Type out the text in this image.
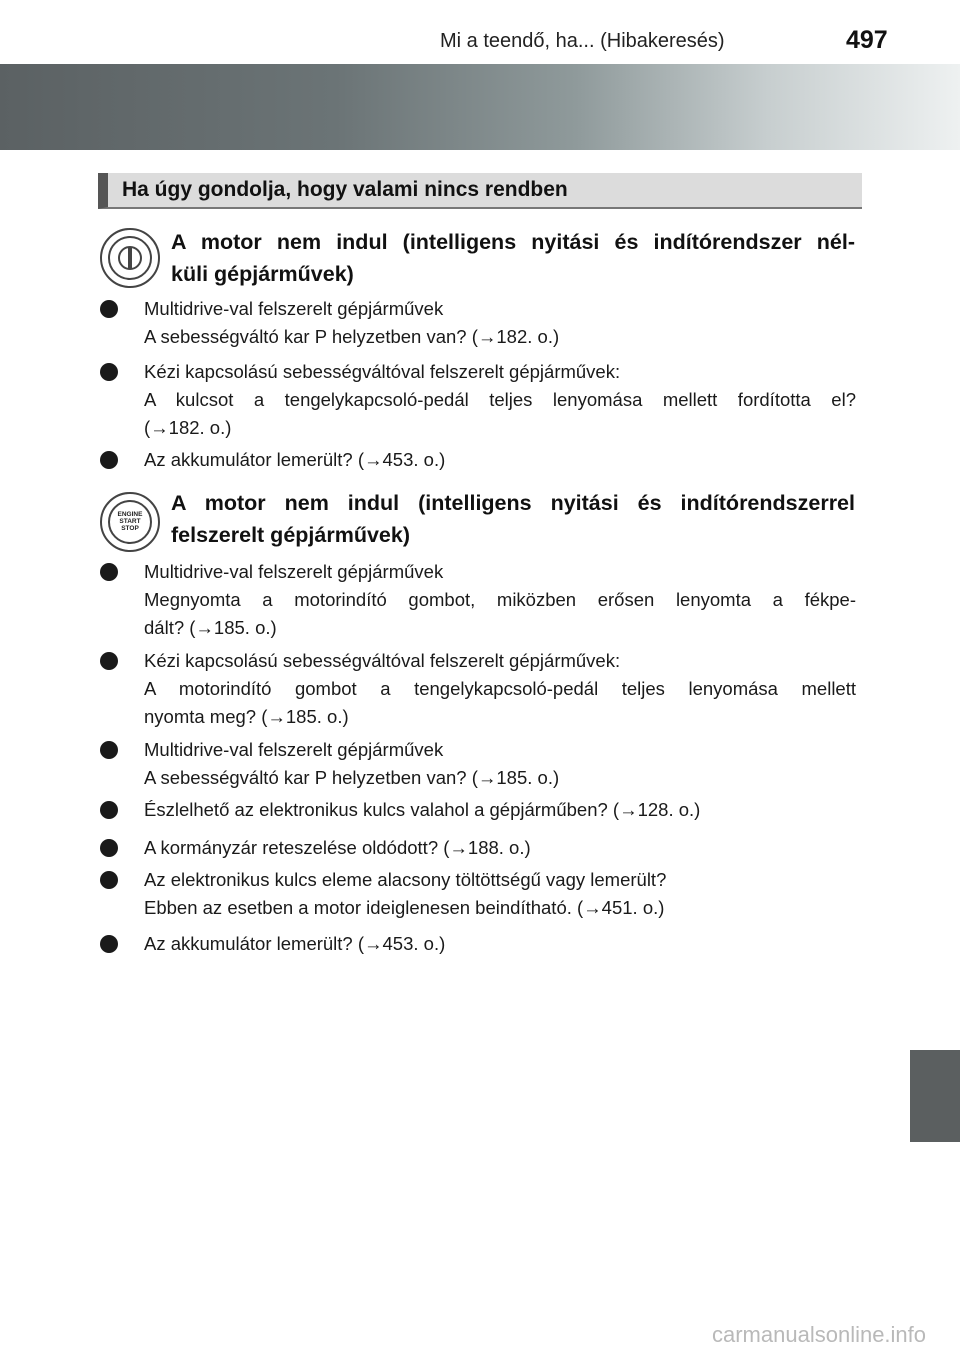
Mi a teendő, ha... (Hibakeresés)	497
Ha úgy gondolja, hogy valami nincs rendben
A motor nem indul (intelligens nyitási és indítórendszer nél-
küli gépjárművek)
Multidrive-val felszerelt gépjárművek
A sebességváltó kar P helyzetben van? (→182. o.)
Kézi kapcsolású sebességváltóval felszerelt gépjárművek:
A kulcsot a tengelykapcsoló-pedál teljes lenyomása mellett fordította el?
(→182. o.)
Az akkumulátor lemerült? (→453. o.)
ENGINE
START
STOP
A motor nem indul (intelligens nyitási és indítórendszerrel
felszerelt gépjárművek)
Multidrive-val felszerelt gépjárművek
Megnyomta a motorindító gombot, miközben erősen lenyomta a fékpe-
dált? (→185. o.)
Kézi kapcsolású sebességváltóval felszerelt gépjárművek:
A motorindító gombot a tengelykapcsoló-pedál teljes lenyomása mellett
nyomta meg? (→185. o.)
Multidrive-val felszerelt gépjárművek
A sebességváltó kar P helyzetben van? (→185. o.)
Észlelhető az elektronikus kulcs valahol a gépjárműben? (→128. o.)
A kormányzár reteszelése oldódott? (→188. o.)
Az elektronikus kulcs eleme alacsony töltöttségű vagy lemerült?
Ebben az esetben a motor ideiglenesen beindítható. (→451. o.)
Az akkumulátor lemerült? (→453. o.)
carmanualsonline.info
